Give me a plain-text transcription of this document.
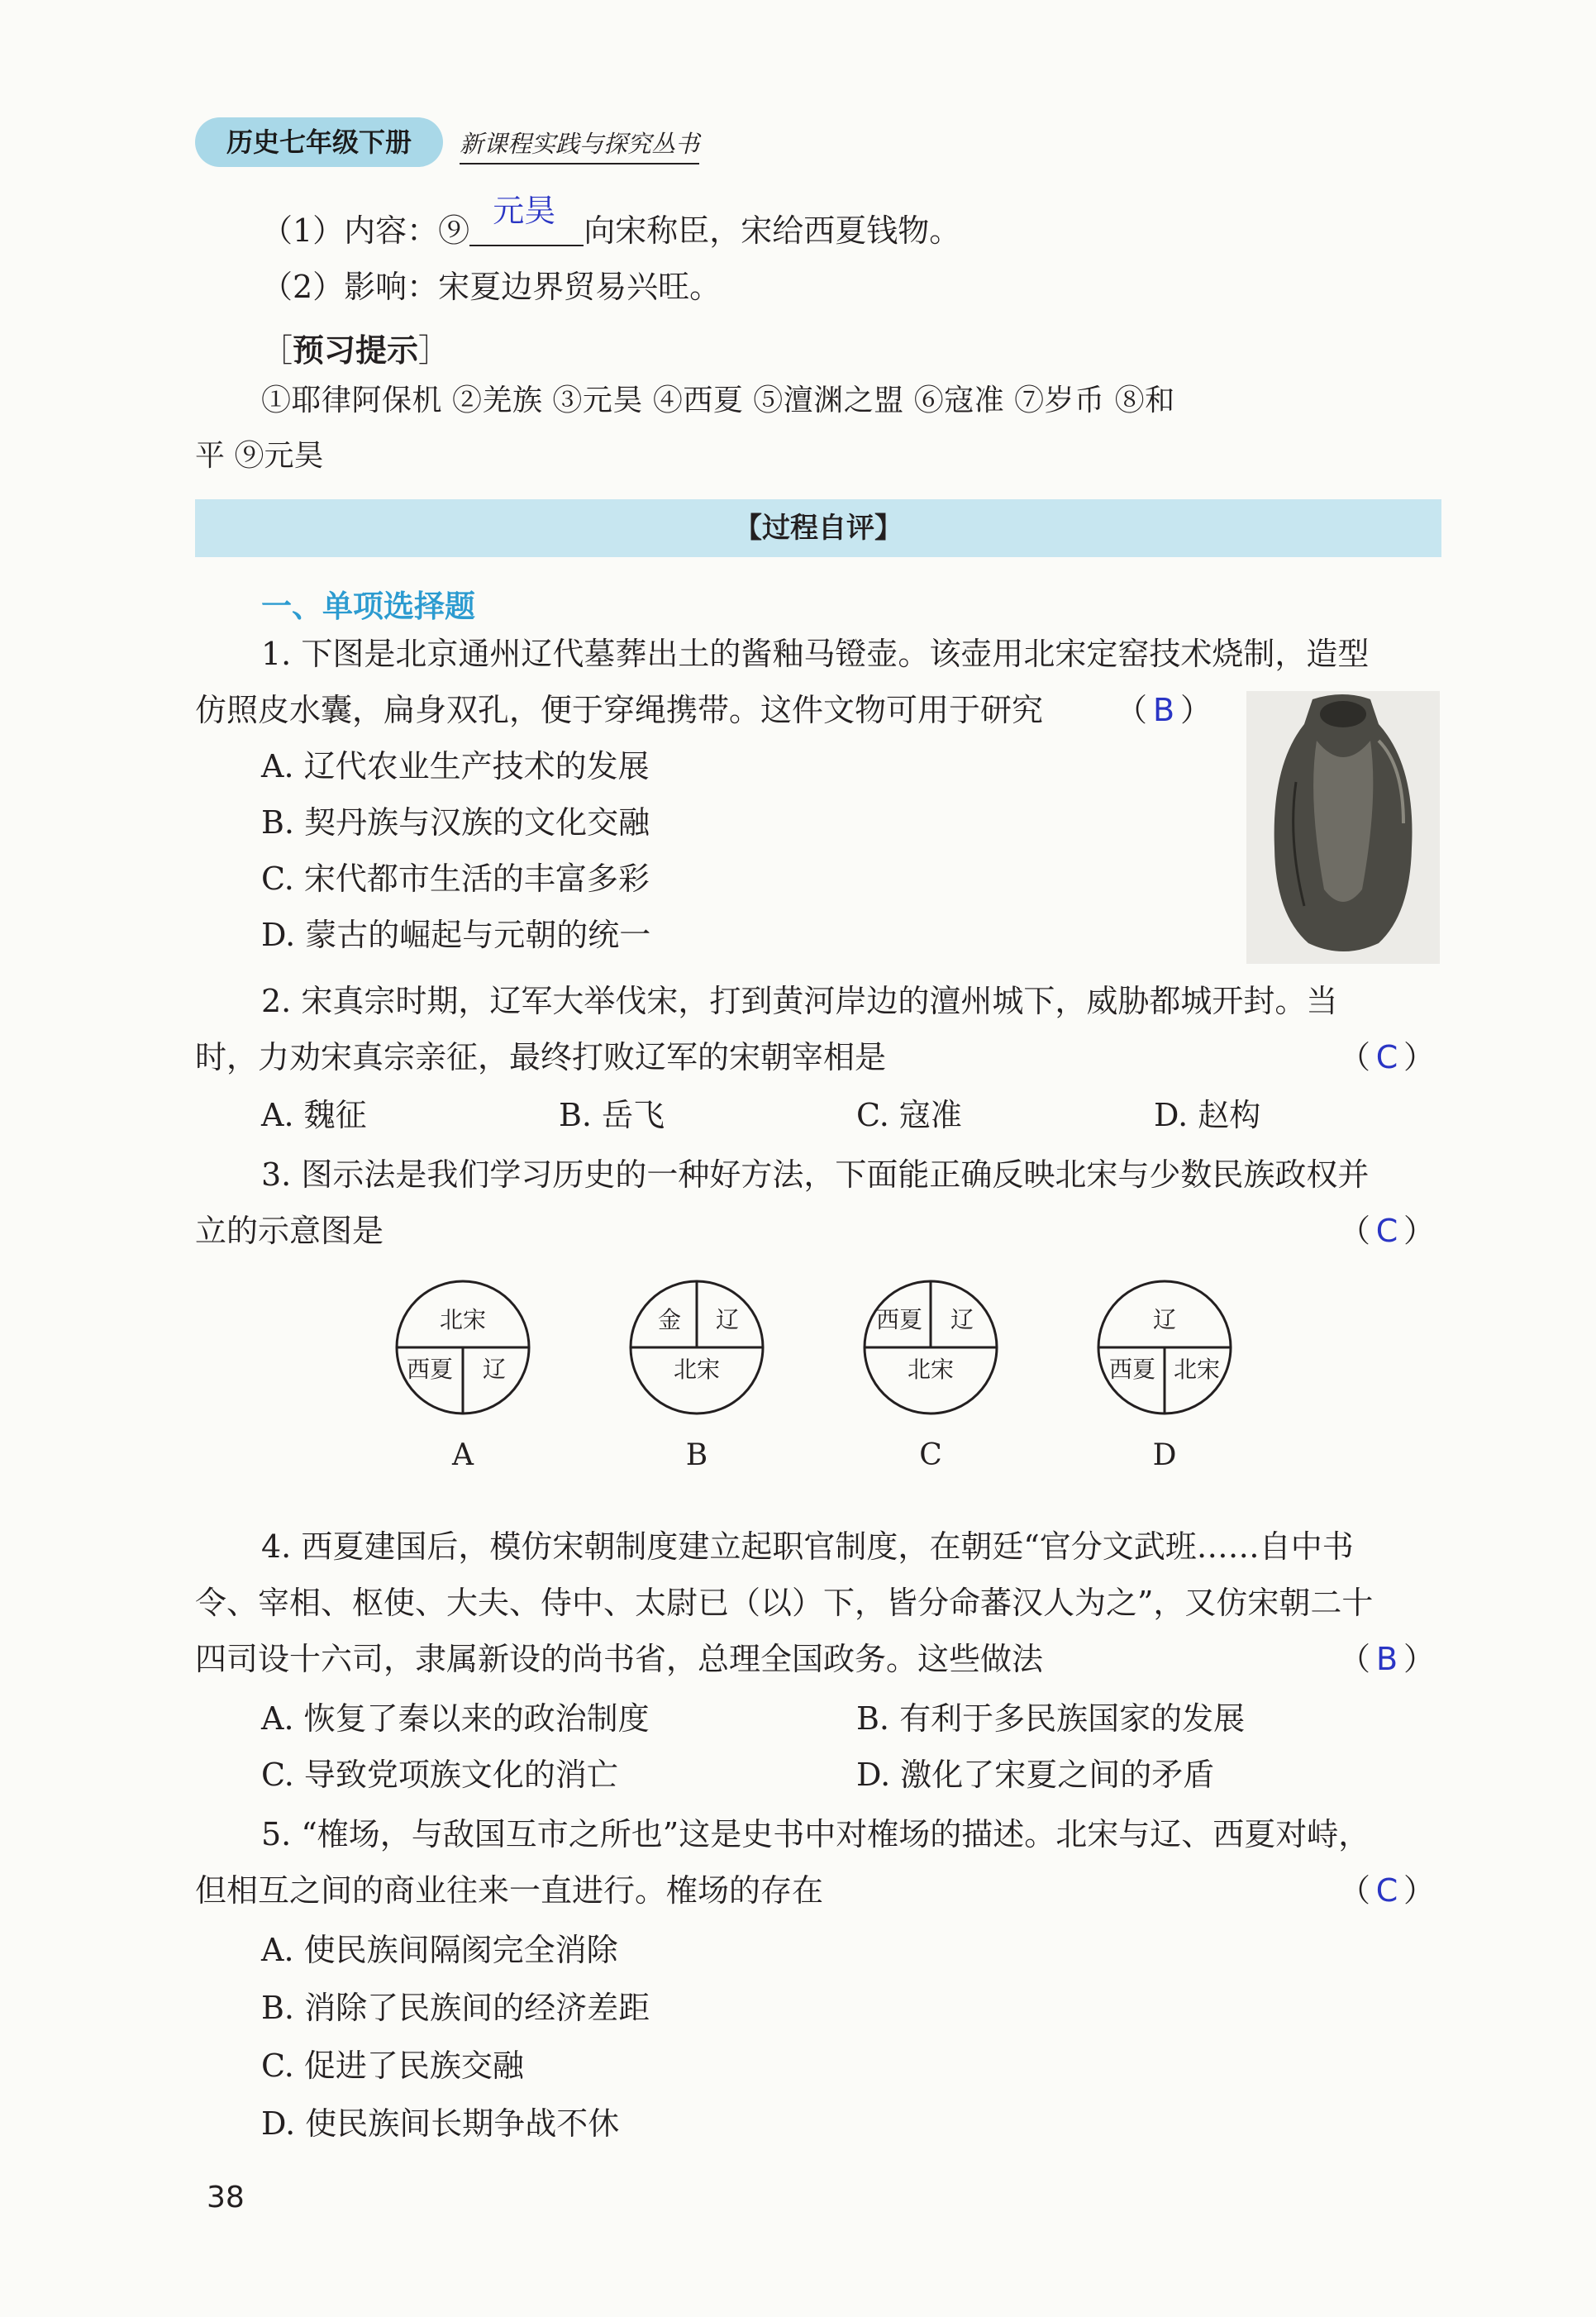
历史七年级下册	新课程实践与探究丛书
（1）内容：⑨
元昊
向宋称臣，宋给西夏钱物。
（2）影响：宋夏边界贸易兴旺。
［预习提示］
①耶律阿保机 ②羌族 ③元昊 ④西夏 ⑤澶渊之盟 ⑥寇准 ⑦岁币 ⑧和
平 ⑨元昊
【过程自评】
一、单项选择题
1. 下图是北京通州辽代墓葬出土的酱釉马镫壶。该壶用北宋定窑技术烧制，造型
仿照皮水囊，扁身双孔，便于穿绳携带。这件文物可用于研究 （ B ）
A. 辽代农业生产技术的发展
B. 契丹族与汉族的文化交融
C. 宋代都市生活的丰富多彩
D. 蒙古的崛起与元朝的统一
2. 宋真宗时期，辽军大举伐宋，打到黄河岸边的澶州城下，威胁都城开封。当
时，力劝宋真宗亲征，最终打败辽军的宋朝宰相是	（ C ）
A. 魏征	B. 岳飞	C. 寇准	D. 赵构
3. 图示法是我们学习历史的一种好方法，下面能正确反映北宋与少数民族政权并
立的示意图是	（ C ）
北宋
西夏 辽
A
金 辽
北宋
B
西夏 辽
北宋
C
辽
西夏 北宋
D
4. 西夏建国后，模仿宋朝制度建立起职官制度，在朝廷“官分文武班……自中书
令、宰相、枢使、大夫、侍中、太尉已（以）下，皆分命蕃汉人为之”，又仿宋朝二十
四司设十六司，隶属新设的尚书省，总理全国政务。这些做法	（ B ）
A. 恢复了秦以来的政治制度	B. 有利于多民族国家的发展
C. 导致党项族文化的消亡	D. 激化了宋夏之间的矛盾
5. “榷场，与敌国互市之所也”这是史书中对榷场的描述。北宋与辽、西夏对峙，
但相互之间的商业往来一直进行。榷场的存在	（ C ）
A. 使民族间隔阂完全消除
B. 消除了民族间的经济差距
C. 促进了民族交融
D. 使民族间长期争战不休
38
